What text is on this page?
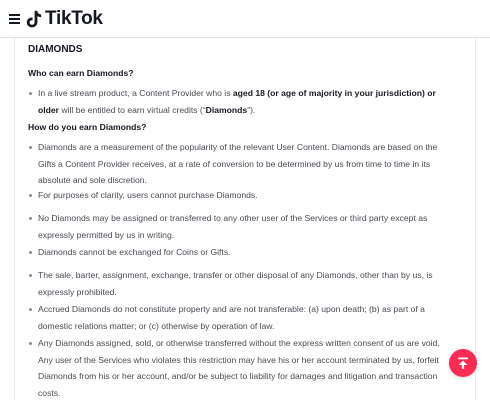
TikTok
DIAMONDS
Who can earn Diamonds?
In a live stream product, a Content Provider who is aged 18 (or age of majority in your jurisdiction) or older will be entitled to earn virtual credits (“Diamonds”).
How do you earn Diamonds?
Diamonds are a measurement of the popularity of the relevant User Content. Diamonds are based on the Gifts a Content Provider receives, at a rate of conversion to be determined by us from time to time in its absolute and sole discretion.
For purposes of clarity, users cannot purchase Diamonds.
No Diamonds may be assigned or transferred to any other user of the Services or third party except as expressly permitted by us in writing.
Diamonds cannot be exchanged for Coins or Gifts.
The sale, barter, assignment, exchange, transfer or other disposal of any Diamonds, other than by us, is expressly prohibited.
Accrued Diamonds do not constitute property and are not transferable: (a) upon death; (b) as part of a domestic relations matter; or (c) otherwise by operation of law.
Any Diamonds assigned, sold, or otherwise transferred without the express written consent of us are void. Any user of the Services who violates this restriction may have his or her account terminated by us, forfeit Diamonds from his or her account, and/or be subject to liability for damages and litigation and transaction costs.
